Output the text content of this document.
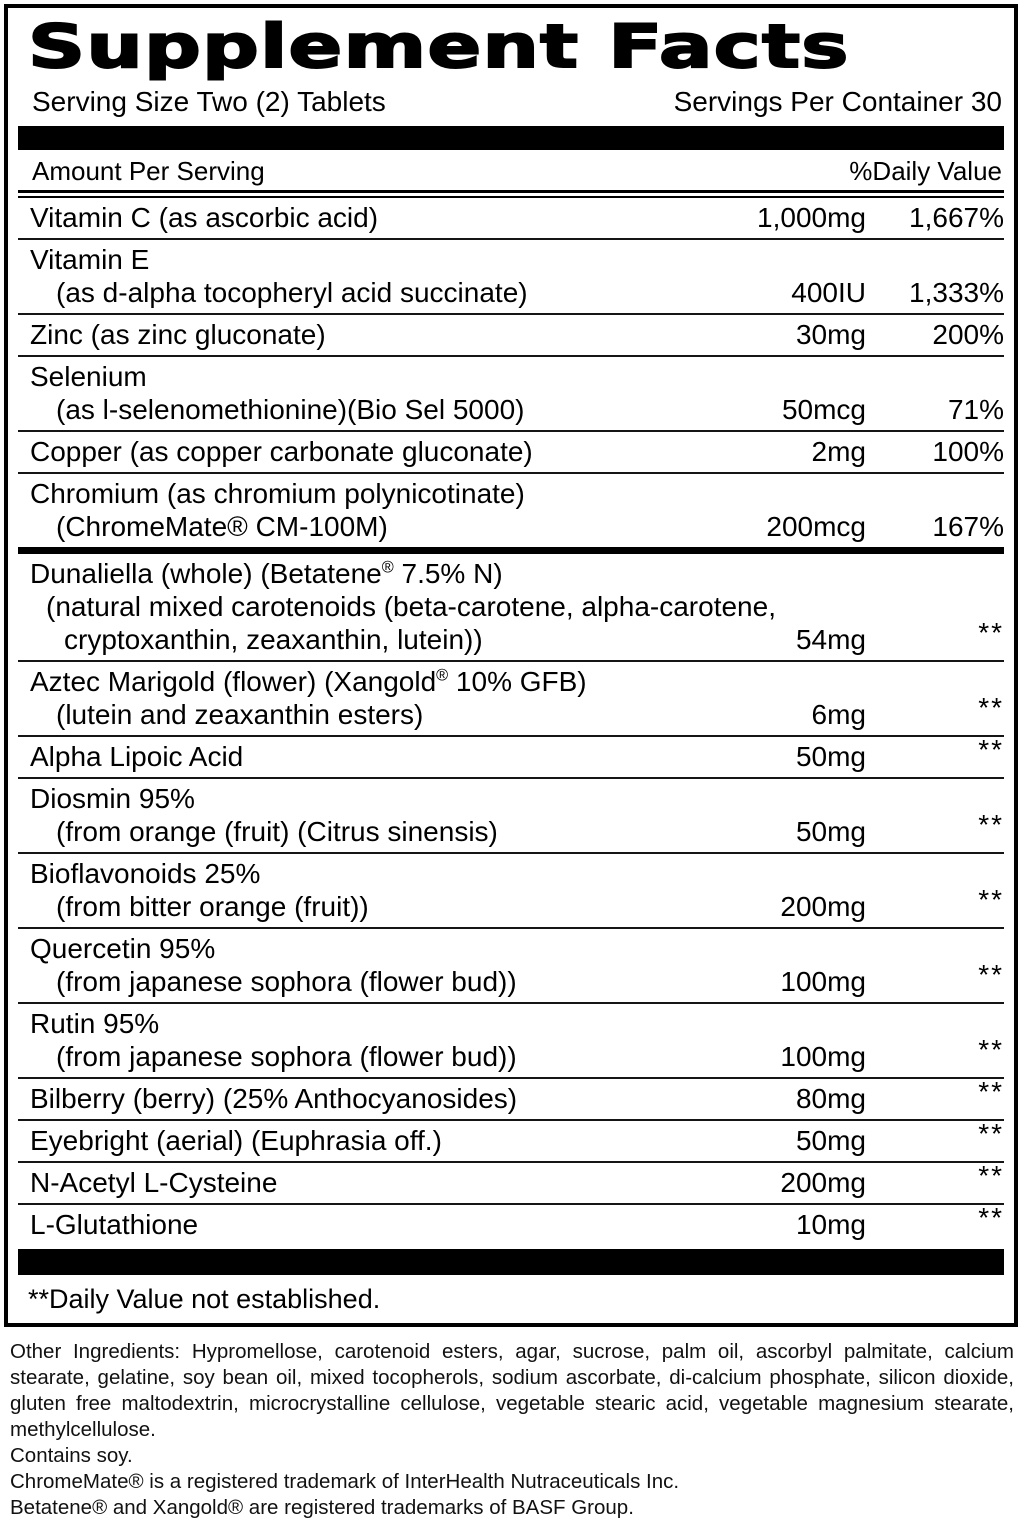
Supplement Facts
Serving Size Two (2) Tablets	Servings Per Container 30
Amount Per Serving	%Daily Value
Vitamin C (as ascorbic acid)	1,000mg	1,667%
Vitamin E
(as d-alpha tocopheryl acid succinate)	400IU	1,333%
Zinc (as zinc gluconate)	30mg	200%
Selenium
(as l-selenomethionine)(Bio Sel 5000)	50mcg	71%
Copper (as copper carbonate gluconate)	2mg	100%
Chromium (as chromium polynicotinate)
(ChromeMate® CM-100M)	200mcg	167%
Dunaliella (whole) (Betatene® 7.5% N)
(natural mixed carotenoids (beta-carotene, alpha-carotene,
cryptoxanthin, zeaxanthin, lutein))	54mg	**
Aztec Marigold (flower) (Xangold® 10% GFB)
(lutein and zeaxanthin esters)	6mg	**
Alpha Lipoic Acid	50mg	**
Diosmin 95%
(from orange (fruit) (Citrus sinensis)	50mg	**
Bioflavonoids 25%
(from bitter orange (fruit))	200mg	**
Quercetin 95%
(from japanese sophora (flower bud))	100mg	**
Rutin 95%
(from japanese sophora (flower bud))	100mg	**
Bilberry (berry) (25% Anthocyanosides)	80mg	**
Eyebright (aerial) (Euphrasia off.)	50mg	**
N-Acetyl L-Cysteine	200mg	**
L-Glutathione	10mg	**
**Daily Value not established.

Other Ingredients: Hypromellose, carotenoid esters, agar, sucrose, palm oil, ascorbyl palmitate, calcium stearate, gelatine, soy bean oil, mixed tocopherols, sodium ascorbate, di-calcium phosphate, silicon dioxide, gluten free maltodextrin, microcrystalline cellulose, vegetable stearic acid, vegetable magnesium stearate, methylcellulose.

Contains soy.

ChromeMate® is a registered trademark of InterHealth Nutraceuticals Inc.

Betatene® and Xangold® are registered trademarks of BASF Group.
